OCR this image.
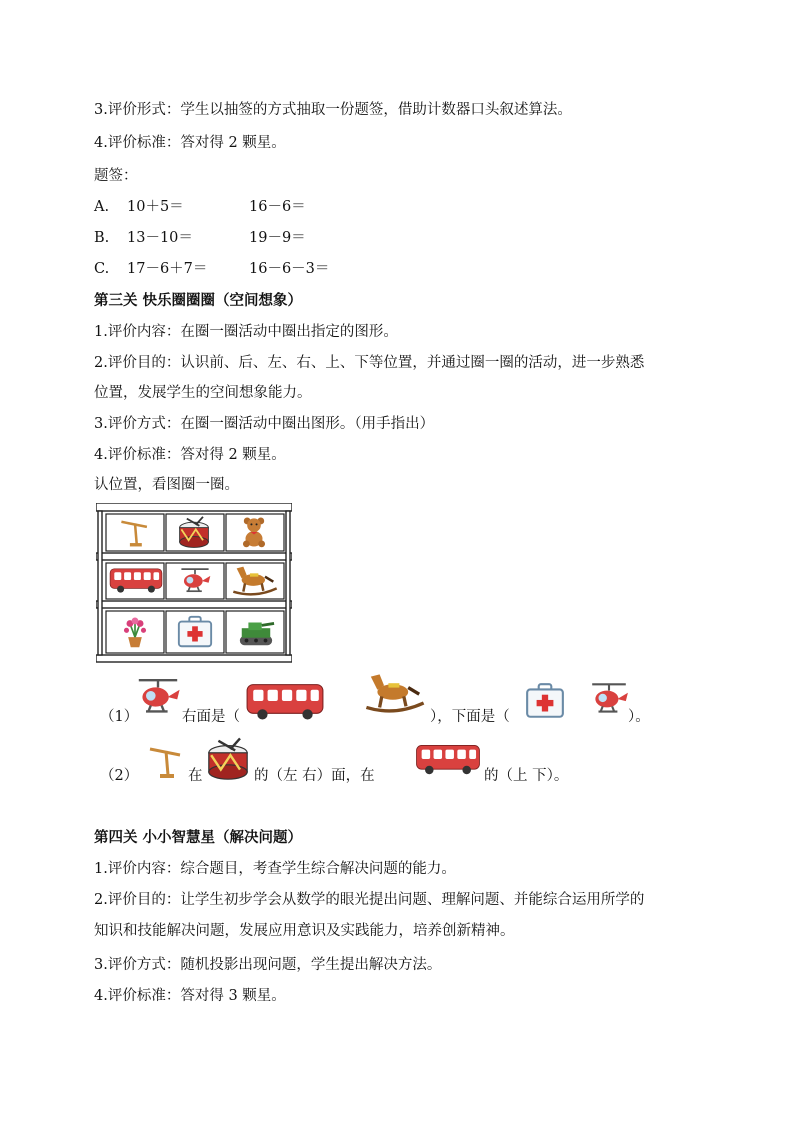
3.评价形式：学生以抽签的方式抽取一份题签，借助计数器口头叙述算法。
4.评价标准：答对得 2 颗星。
题签：
A. 10＋5＝	16－6＝
B. 13－10＝	19－9＝
C. 17－6＋7＝	16－6－3＝
第三关 快乐圈圈圈（空间想象）
1.评价内容：在圈一圈活动中圈出指定的图形。
2.评价目的：认识前、后、左、右、上、下等位置，并通过圈一圈的活动，进一步熟悉
位置，发展学生的空间想象能力。
3.评价方式：在圈一圈活动中圈出图形。（用手指出）
4.评价标准：答对得 2 颗星。
认位置，看图圈一圈。
（1）	右面是（	），下面是（	）。
（2）	在	的（左 右）面，在	的（上 下）。
第四关 小小智慧星（解决问题）
1.评价内容：综合题目，考查学生综合解决问题的能力。
2.评价目的：让学生初步学会从数学的眼光提出问题、理解问题、并能综合运用所学的
知识和技能解决问题，发展应用意识及实践能力，培养创新精神。
3.评价方式：随机投影出现问题，学生提出解决方法。
4.评价标准：答对得 3 颗星。
